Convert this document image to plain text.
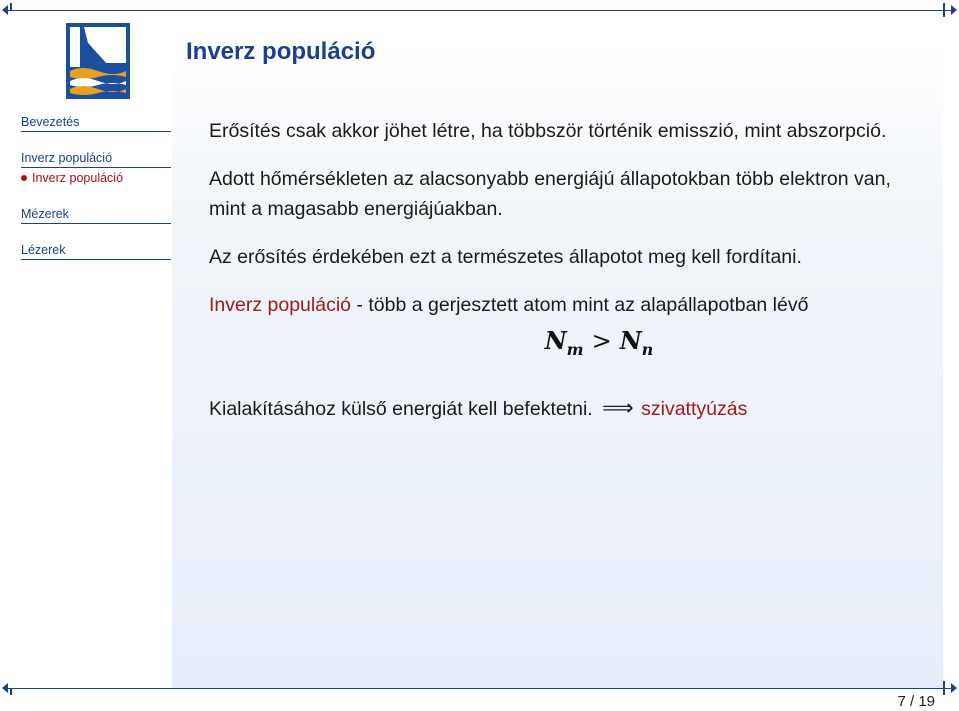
Bevezetés
Inverz populáció
Inverz populáció
Mézerek
Lézerek
Inverz populáció

Erősítés csak akkor jöhet létre, ha többször történik emisszió, mint abszorpció.

Adott hőmérsékleten az alacsonyabb energiájú állapotokban több elektron van, mint a magasabb energiájúakban.

Az erősítés érdekében ezt a természetes állapotot meg kell fordítani.

Inverz populáció - több a gerjesztett atom mint az alapállapotban lévő

$N_m > N_n$

Kialakításához külső energiát kell befektetni. ⟹ szivattyúzás

7 / 19
